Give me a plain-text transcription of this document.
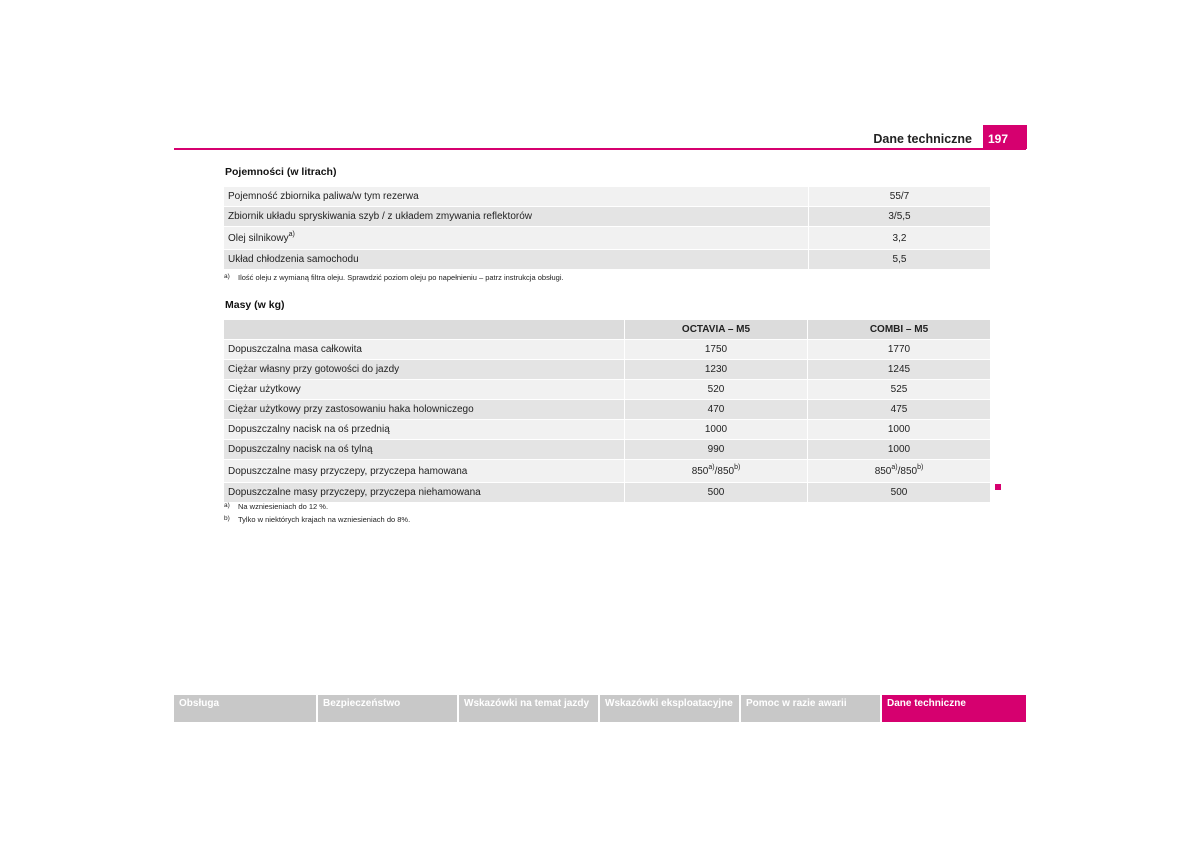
Dane techniczne	197
Pojemności (w litrach)
Pojemność zbiornika paliwa/w tym rezerwa	55/7
Zbiornik układu spryskiwania szyb / z układem zmywania reflektorów	3/5,5
Olej silnikowy$^{a)}$	3,2
Układ chłodzenia samochodu	5,5
a) Ilość oleju z wymianą filtra oleju. Sprawdzić poziom oleju po napełnieniu – patrz instrukcja obsługi.
Masy (w kg)
	OCTAVIA – M5	COMBI – M5
Dopuszczalna masa całkowita	1750	1770
Ciężar własny przy gotowości do jazdy	1230	1245
Ciężar użytkowy	520	525
Ciężar użytkowy przy zastosowaniu haka holowniczego	470	475
Dopuszczalny nacisk na oś przednią	1000	1000
Dopuszczalny nacisk na oś tylną	990	1000
Dopuszczalne masy przyczepy, przyczepa hamowana	850$^{a)}$/850$^{b)}$	850$^{a)}$/850$^{b)}$
Dopuszczalne masy przyczepy, przyczepa niehamowana	500	500
a) Na wzniesieniach do 12 %.
b) Tylko w niektórych krajach na wzniesieniach do 8%.
Obsługa	Bezpieczeństwo	Wskazówki na temat jazdy	Wskazówki eksploatacyjne	Pomoc w razie awarii	Dane techniczne
